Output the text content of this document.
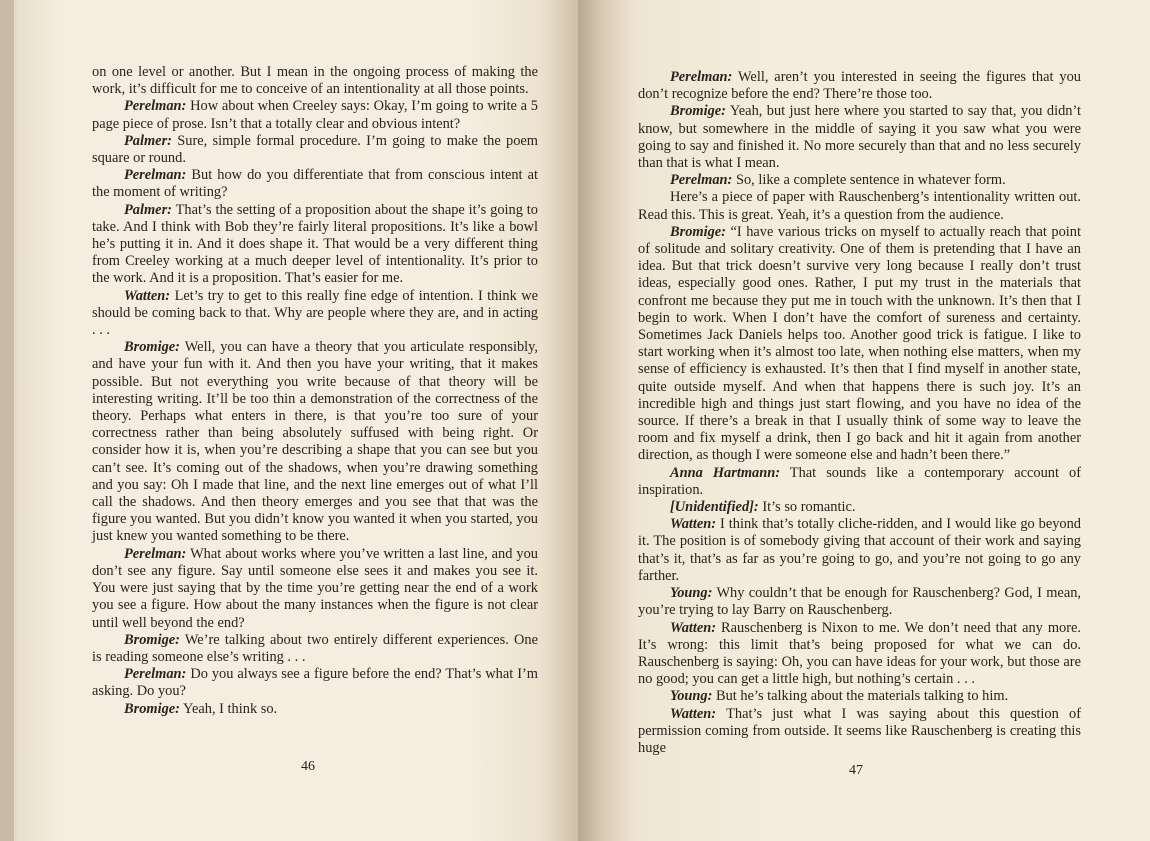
on one level or another. But I mean in the ongoing process of making the work, it’s difficult for me to conceive of an intentionality at all those points.

Perelman: How about when Creeley says: Okay, I’m going to write a 5 page piece of prose. Isn’t that a totally clear and obvious intent?

Palmer: Sure, simple formal procedure. I’m going to make the poem square or round.

Perelman: But how do you differentiate that from conscious intent at the moment of writing?

Palmer: That’s the setting of a proposition about the shape it’s going to take. And I think with Bob they’re fairly literal propositions. It’s like a bowl he’s putting it in. And it does shape it. That would be a very different thing from Creeley working at a much deeper level of intentionality. It’s prior to the work. And it is a proposition. That’s easier for me.

Watten: Let’s try to get to this really fine edge of intention. I think we should be coming back to that. Why are people where they are, and in acting . . .

Bromige: Well, you can have a theory that you articulate responsibly, and have your fun with it. And then you have your writing, that it makes possible. But not everything you write because of that theory will be interesting writing. It’ll be too thin a demonstration of the correctness of the theory. Perhaps what enters in there, is that you’re too sure of your correctness rather than being absolutely suffused with being right. Or consider how it is, when you’re describing a shape that you can see but you can’t see. It’s coming out of the shadows, when you’re drawing something and you say: Oh I made that line, and the next line emerges out of what I’ll call the shadows. And then theory emerges and you see that that was the figure you wanted. But you didn’t know you wanted it when you started, you just knew you wanted something to be there.

Perelman: What about works where you’ve written a last line, and you don’t see any figure. Say until someone else sees it and makes you see it. You were just saying that by the time you’re getting near the end of a work you see a figure. How about the many instances when the figure is not clear until well beyond the end?

Bromige: We’re talking about two entirely different experiences. One is reading someone else’s writing . . .

Perelman: Do you always see a figure before the end? That’s what I’m asking. Do you?

Bromige: Yeah, I think so.

46

Perelman: Well, aren’t you interested in seeing the figures that you don’t recognize before the end? There’re those too.

Bromige: Yeah, but just here where you started to say that, you didn’t know, but somewhere in the middle of saying it you saw what you were going to say and finished it. No more securely than that and no less securely than that is what I mean.

Perelman: So, like a complete sentence in whatever form.

Here’s a piece of paper with Rauschenberg’s intentionality written out. Read this. This is great. Yeah, it’s a question from the audience.

Bromige: “I have various tricks on myself to actually reach that point of solitude and solitary creativity. One of them is pretending that I have an idea. But that trick doesn’t survive very long because I really don’t trust ideas, especially good ones. Rather, I put my trust in the materials that confront me because they put me in touch with the unknown. It’s then that I begin to work. When I don’t have the comfort of sureness and certainty. Sometimes Jack Daniels helps too. Another good trick is fatigue. I like to start working when it’s almost too late, when nothing else matters, when my sense of efficiency is exhausted. It’s then that I find myself in another state, quite outside myself. And when that happens there is such joy. It’s an incredible high and things just start flowing, and you have no idea of the source. If there’s a break in that I usually think of some way to leave the room and fix myself a drink, then I go back and hit it again from another direction, as though I were someone else and hadn’t been there.”

Anna Hartmann: That sounds like a contemporary account of inspiration.

[Unidentified]: It’s so romantic.

Watten: I think that’s totally cliche-ridden, and I would like go beyond it. The position is of somebody giving that account of their work and saying that’s it, that’s as far as you’re going to go, and you’re not going to go any farther.

Young: Why couldn’t that be enough for Rauschenberg? God, I mean, you’re trying to lay Barry on Rauschenberg.

Watten: Rauschenberg is Nixon to me. We don’t need that any more. It’s wrong: this limit that’s being proposed for what we can do. Rauschenberg is saying: Oh, you can have ideas for your work, but those are no good; you can get a little high, but nothing’s certain . . .

Young: But he’s talking about the materials talking to him.

Watten: That’s just what I was saying about this question of permission coming from outside. It seems like Rauschenberg is creating this huge

47
